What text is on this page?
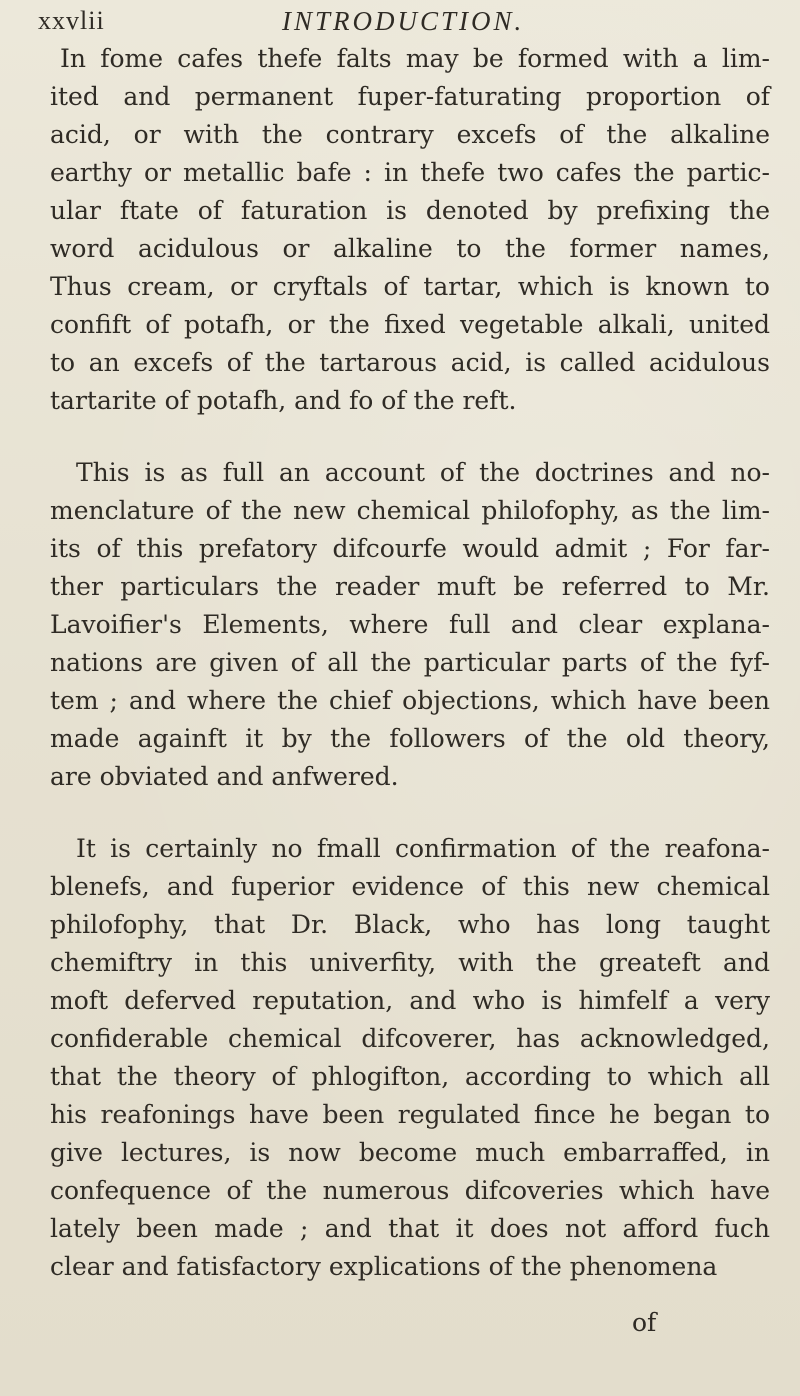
xxvlii	INTRODUCTION.
In fome cafes thefe falts may be formed with a lim-
ited and permanent fuper-faturating proportion of
acid, or with the contrary excefs of the alkaline
earthy or metallic bafe : in thefe two cafes the partic-
ular ftate of faturation is denoted by prefixing the
word acidulous or alkaline to the former names,
Thus cream, or cryftals of tartar, which is known to
confift of potafh, or the fixed vegetable alkali, united
to an excefs of the tartarous acid, is called acidulous
tartarite of potafh, and fo of the reft.
This is as full an account of the doctrines and no-
menclature of the new chemical philofophy, as the lim-
its of this prefatory difcourfe would admit ; For far-
ther particulars the reader muft be referred to Mr.
Lavoifier's Elements, where full and clear explana-
nations are given of all the particular parts of the fyf-
tem ; and where the chief objections, which have been
made againft it by the followers of the old theory,
are obviated and anfwered.
It is certainly no fmall confirmation of the reafona-
blenefs, and fuperior evidence of this new chemical
philofophy, that Dr. Black, who has long taught
chemiftry in this univerfity, with the greateft and
moft deferved reputation, and who is himfelf a very
confiderable chemical difcoverer, has acknowledged,
that the theory of phlogifton, according to which all
his reafonings have been regulated fince he began to
give lectures, is now become much embarraffed, in
confequence of the numerous difcoveries which have
lately been made ; and that it does not afford fuch
clear and fatisfactory explications of the phenomena
of
